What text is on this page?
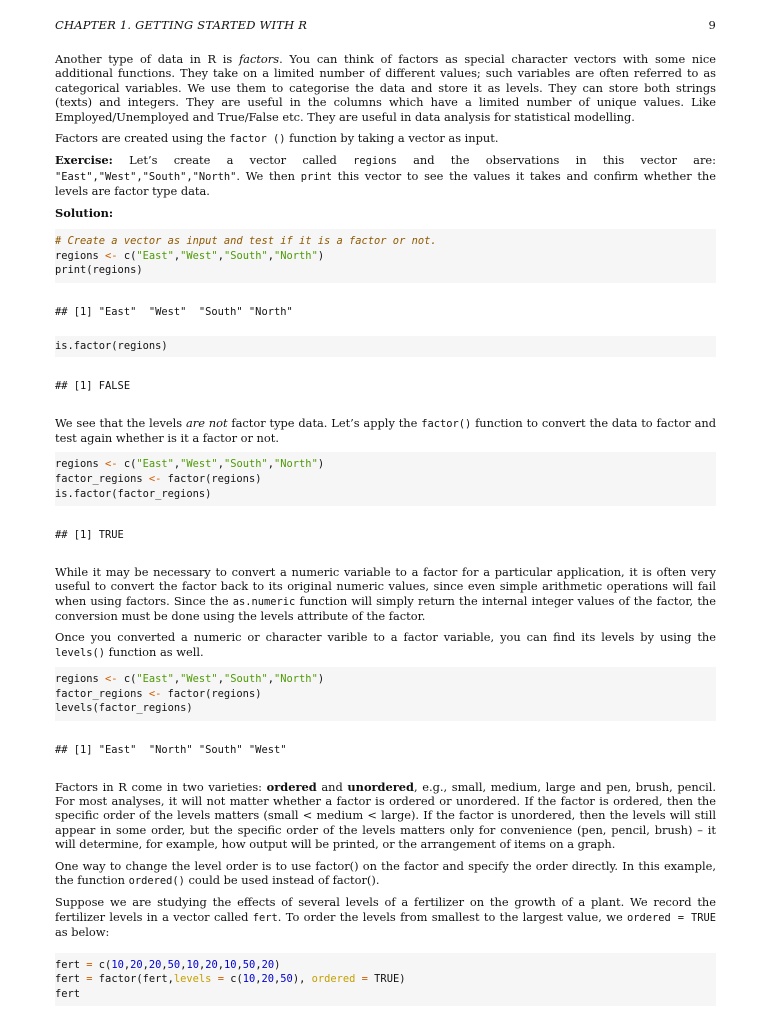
CHAPTER 1. GETTING STARTED WITH R	9

Another type of data in R is factors. You can think of factors as special character vectors with some nice additional functions. They take on a limited number of different values; such variables are often referred to as categorical variables. We use them to categorise the data and store it as levels. They can store both strings (texts) and integers. They are useful in the columns which have a limited number of unique values. Like Employed/Unemployed and True/False etc. They are useful in data analysis for statistical modelling.

Factors are created using the factor () function by taking a vector as input.

Exercise: Let’s create a vector called regions and the observations in this vector are: "East","West","South","North". We then print this vector to see the values it takes and confirm whether the levels are factor type data.

Solution:

# Create a vector as input and test if it is a factor or not.
regions <- c("East","West","South","North")
print(regions)
## [1] "East"  "West"  "South" "North"
is.factor(regions)
## [1] FALSE

We see that the levels are not factor type data. Let’s apply the factor() function to convert the data to factor and test again whether is it a factor or not.

regions <- c("East","West","South","North")
factor_regions <- factor(regions)
is.factor(factor_regions)
## [1] TRUE

While it may be necessary to convert a numeric variable to a factor for a particular application, it is often very useful to convert the factor back to its original numeric values, since even simple arithmetic operations will fail when using factors. Since the as.numeric function will simply return the internal integer values of the factor, the conversion must be done using the levels attribute of the factor.

Once you converted a numeric or character varible to a factor variable, you can find its levels by using the levels() function as well.

regions <- c("East","West","South","North")
factor_regions <- factor(regions)
levels(factor_regions)
## [1] "East"  "North" "South" "West"

Factors in R come in two varieties: ordered and unordered, e.g., small, medium, large and pen, brush, pencil. For most analyses, it will not matter whether a factor is ordered or unordered. If the factor is ordered, then the specific order of the levels matters (small < medium < large). If the factor is unordered, then the levels will still appear in some order, but the specific order of the levels matters only for convenience (pen, pencil, brush) – it will determine, for example, how output will be printed, or the arrangement of items on a graph.

One way to change the level order is to use factor() on the factor and specify the order directly. In this example, the function ordered() could be used instead of factor().

Suppose we are studying the effects of several levels of a fertilizer on the growth of a plant. We record the fertilizer levels in a vector called fert. To order the levels from smallest to the largest value, we ordered = TRUE as below:

fert = c(10,20,20,50,10,20,10,50,20)
fert = factor(fert,levels = c(10,20,50), ordered = TRUE)
fert
